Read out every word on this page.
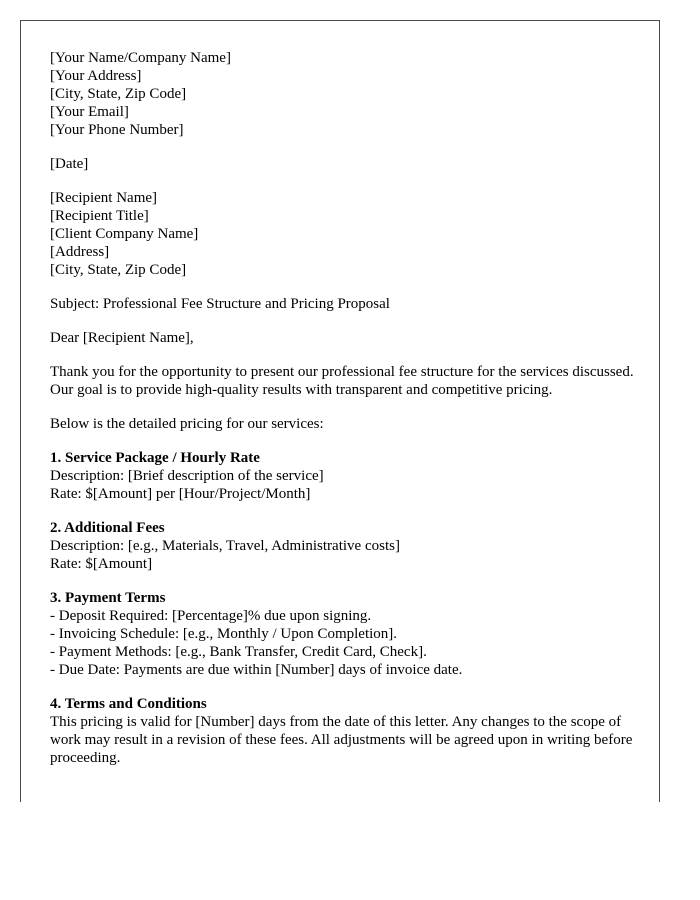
[Your Name/Company Name]
[Your Address]
[City, State, Zip Code]
[Your Email]
[Your Phone Number]
[Date]
[Recipient Name]
[Recipient Title]
[Client Company Name]
[Address]
[City, State, Zip Code]
Subject: Professional Fee Structure and Pricing Proposal
Dear [Recipient Name],
Thank you for the opportunity to present our professional fee structure for the services discussed. Our goal is to provide high-quality results with transparent and competitive pricing.
Below is the detailed pricing for our services:
1. Service Package / Hourly Rate
Description: [Brief description of the service]
Rate: $[Amount] per [Hour/Project/Month]
2. Additional Fees
Description: [e.g., Materials, Travel, Administrative costs]
Rate: $[Amount]
3. Payment Terms
- Deposit Required: [Percentage]% due upon signing.
- Invoicing Schedule: [e.g., Monthly / Upon Completion].
- Payment Methods: [e.g., Bank Transfer, Credit Card, Check].
- Due Date: Payments are due within [Number] days of invoice date.
4. Terms and Conditions
This pricing is valid for [Number] days from the date of this letter. Any changes to the scope of work may result in a revision of these fees. All adjustments will be agreed upon in writing before proceeding.
